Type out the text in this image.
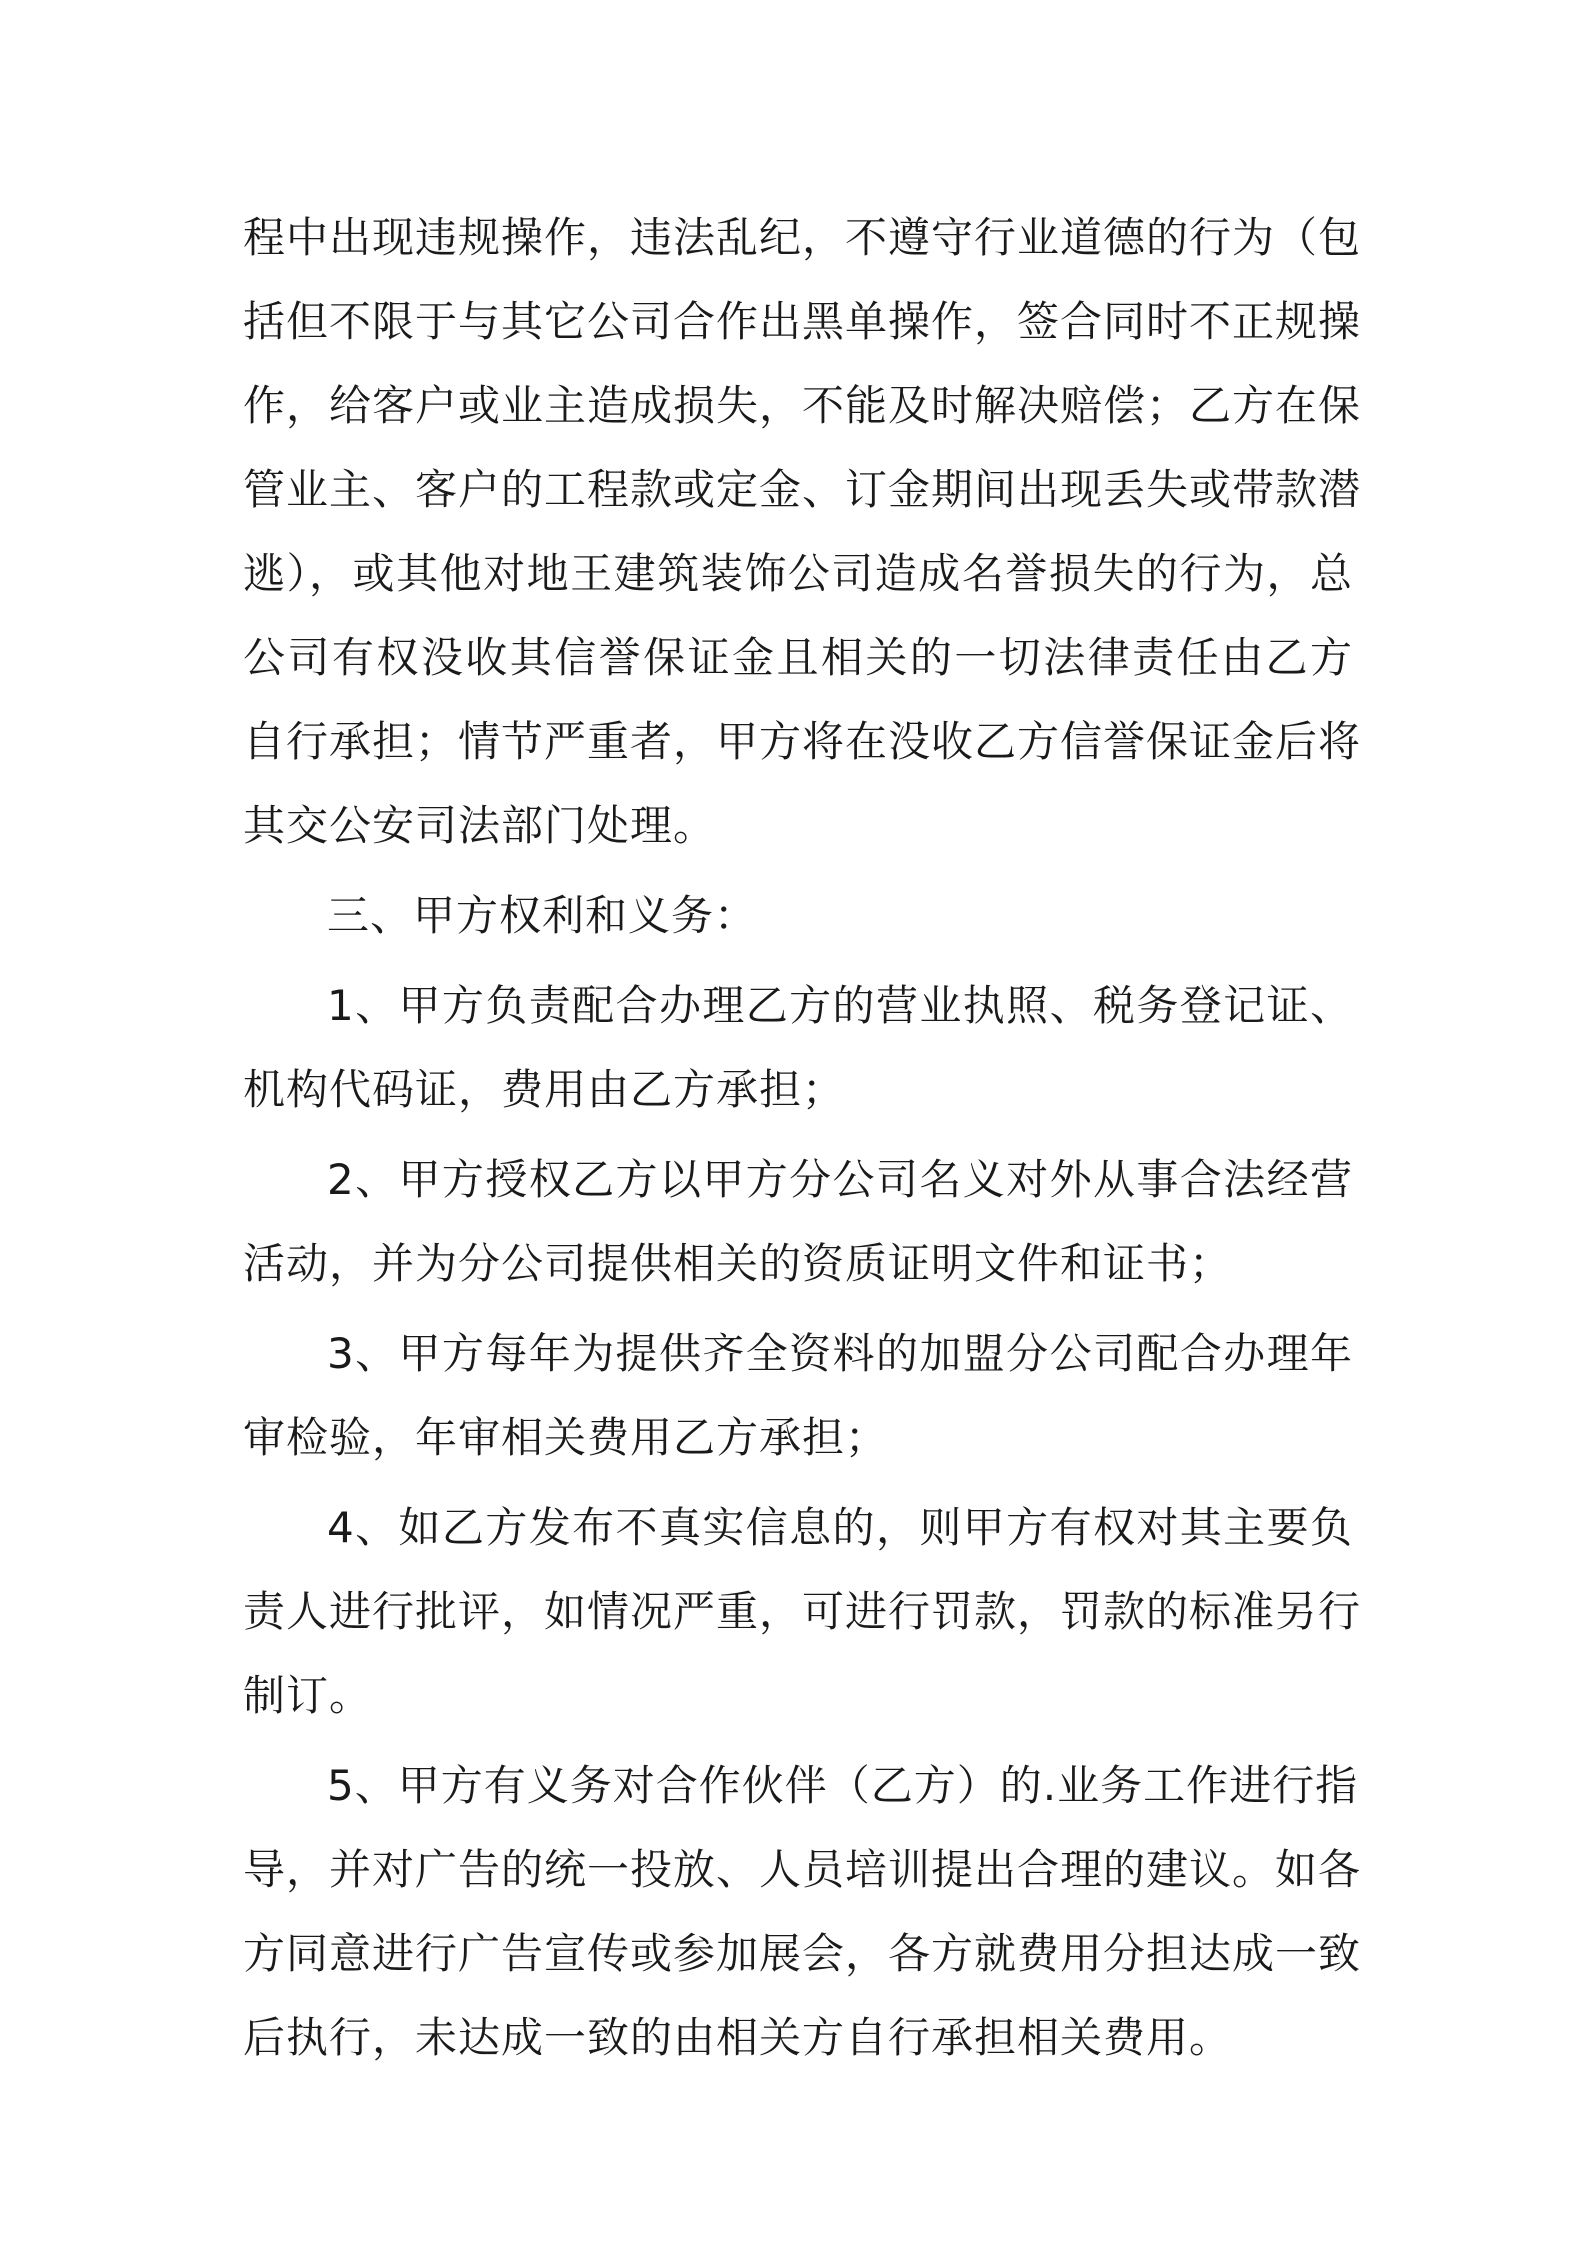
程中出现违规操作，违法乱纪，不遵守行业道德的行为（包
括但不限于与其它公司合作出黑单操作，签合同时不正规操
作，给客户或业主造成损失，不能及时解决赔偿；乙方在保
管业主、客户的工程款或定金、订金期间出现丢失或带款潜
逃），或其他对地王建筑装饰公司造成名誉损失的行为，总
公司有权没收其信誉保证金且相关的一切法律责任由乙方
自行承担；情节严重者，甲方将在没收乙方信誉保证金后将
其交公安司法部门处理。
三、甲方权利和义务：
1、甲方负责配合办理乙方的营业执照、税务登记证、
机构代码证，费用由乙方承担；
2、甲方授权乙方以甲方分公司名义对外从事合法经营
活动，并为分公司提供相关的资质证明文件和证书；
3、甲方每年为提供齐全资料的加盟分公司配合办理年
审检验，年审相关费用乙方承担；
4、如乙方发布不真实信息的，则甲方有权对其主要负
责人进行批评，如情况严重，可进行罚款，罚款的标准另行
制订。
5、甲方有义务对合作伙伴（乙方）的.业务工作进行指
导，并对广告的统一投放、人员培训提出合理的建议。如各
方同意进行广告宣传或参加展会，各方就费用分担达成一致
后执行，未达成一致的由相关方自行承担相关费用。
